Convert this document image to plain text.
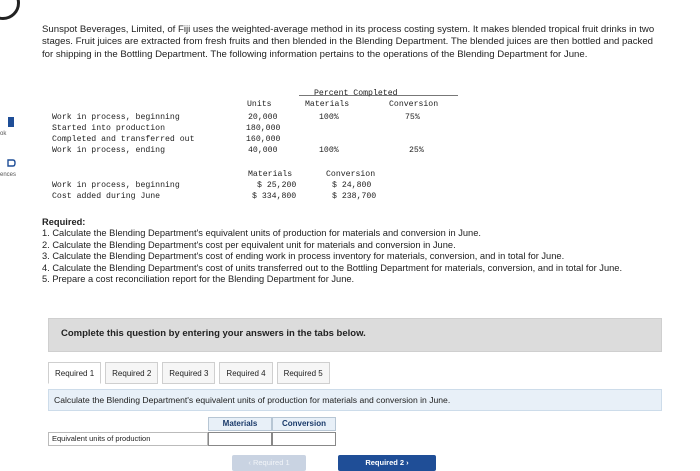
ok
ences
Sunspot Beverages, Limited, of Fiji uses the weighted-average method in its process costing system. It makes blended tropical fruit drinks in two stages. Fruit juices are extracted from fresh fruits and then blended in the Blending Department. The blended juices are then bottled and packed for shipping in the Bottling Department. The following information pertains to the operations of the Blending Department for June.
Percent Completed
Units	Materials	Conversion
Work in process, beginning	20,000	100%	75%
Started into production	180,000
Completed and transferred out	160,000
Work in process, ending	40,000	100%	25%
Materials	Conversion
Work in process, beginning	$ 25,200	$ 24,800
Cost added during June	$ 334,800	$ 238,700
Required:
1. Calculate the Blending Department's equivalent units of production for materials and conversion in June.
2. Calculate the Blending Department's cost per equivalent unit for materials and conversion in June.
3. Calculate the Blending Department's cost of ending work in process inventory for materials, conversion, and in total for June.
4. Calculate the Blending Department's cost of units transferred out to the Bottling Department for materials, conversion, and in total for June.
5. Prepare a cost reconciliation report for the Blending Department for June.
Complete this question by entering your answers in the tabs below.
Required 1	Required 2	Required 3	Required 4	Required 5
Calculate the Blending Department's equivalent units of production for materials and conversion in June.
Materials	Conversion
Equivalent units of production
‹ Required 1	Required 2 ›
